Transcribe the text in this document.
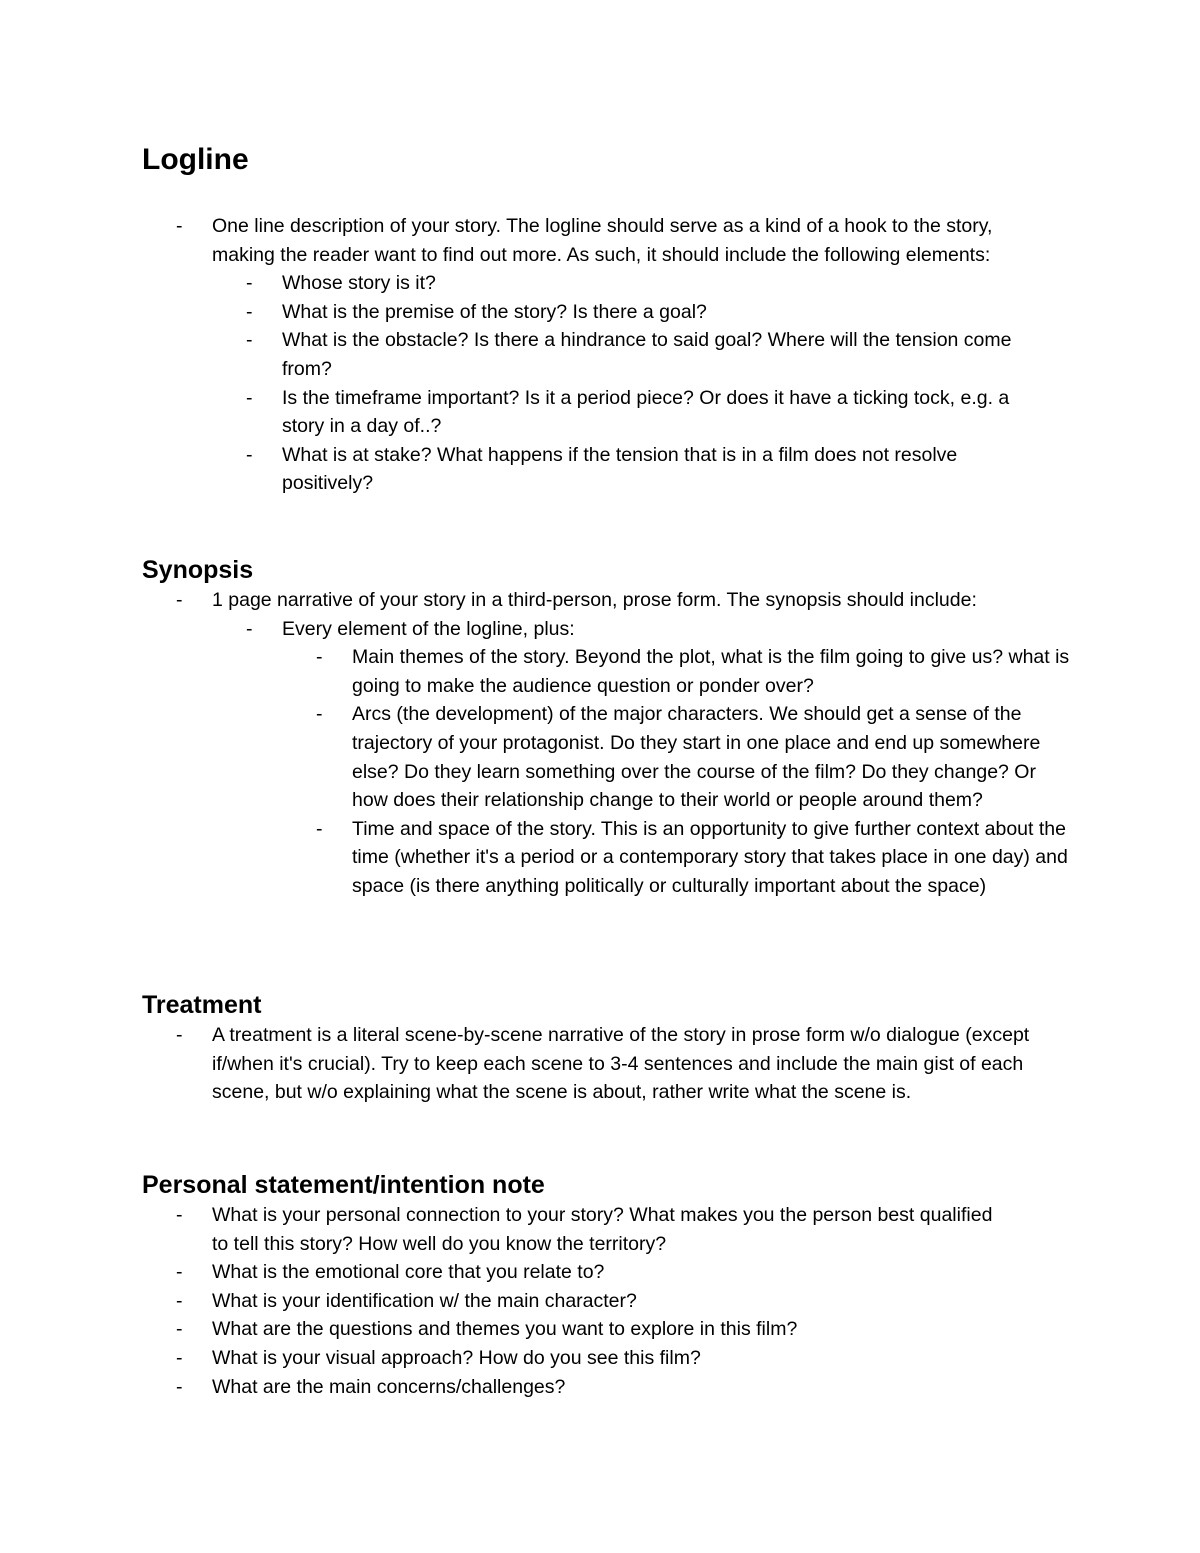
Logline
- One line description of your story. The logline should serve as a kind of a hook to the story, making the reader want to find out more. As such, it should include the following elements:
- Whose story is it?
- What is the premise of the story? Is there a goal?
- What is the obstacle? Is there a hindrance to said goal? Where will the tension come from?
- Is the timeframe important? Is it a period piece? Or does it have a ticking tock, e.g. a story in a day of..?
- What is at stake? What happens if the tension that is in a film does not resolve positively?
Synopsis
- 1 page narrative of your story in a third-person, prose form. The synopsis should include:
- Every element of the logline, plus:
- Main themes of the story. Beyond the plot, what is the film going to give us? what is going to make the audience question or ponder over?
- Arcs (the development) of the major characters. We should get a sense of the trajectory of your protagonist. Do they start in one place and end up somewhere else? Do they learn something over the course of the film? Do they change? Or how does their relationship change to their world or people around them?
- Time and space of the story. This is an opportunity to give further context about the time (whether it's a period or a contemporary story that takes place in one day) and space (is there anything politically or culturally important about the space)
Treatment
- A treatment is a literal scene-by-scene narrative of the story in prose form w/o dialogue (except if/when it's crucial). Try to keep each scene to 3-4 sentences and include the main gist of each scene, but w/o explaining what the scene is about, rather write what the scene is.
Personal statement/intention note
- What is your personal connection to your story? What makes you the person best qualified to tell this story? How well do you know the territory?
- What is the emotional core that you relate to?
- What is your identification w/ the main character?
- What are the questions and themes you want to explore in this film?
- What is your visual approach? How do you see this film?
- What are the main concerns/challenges?
